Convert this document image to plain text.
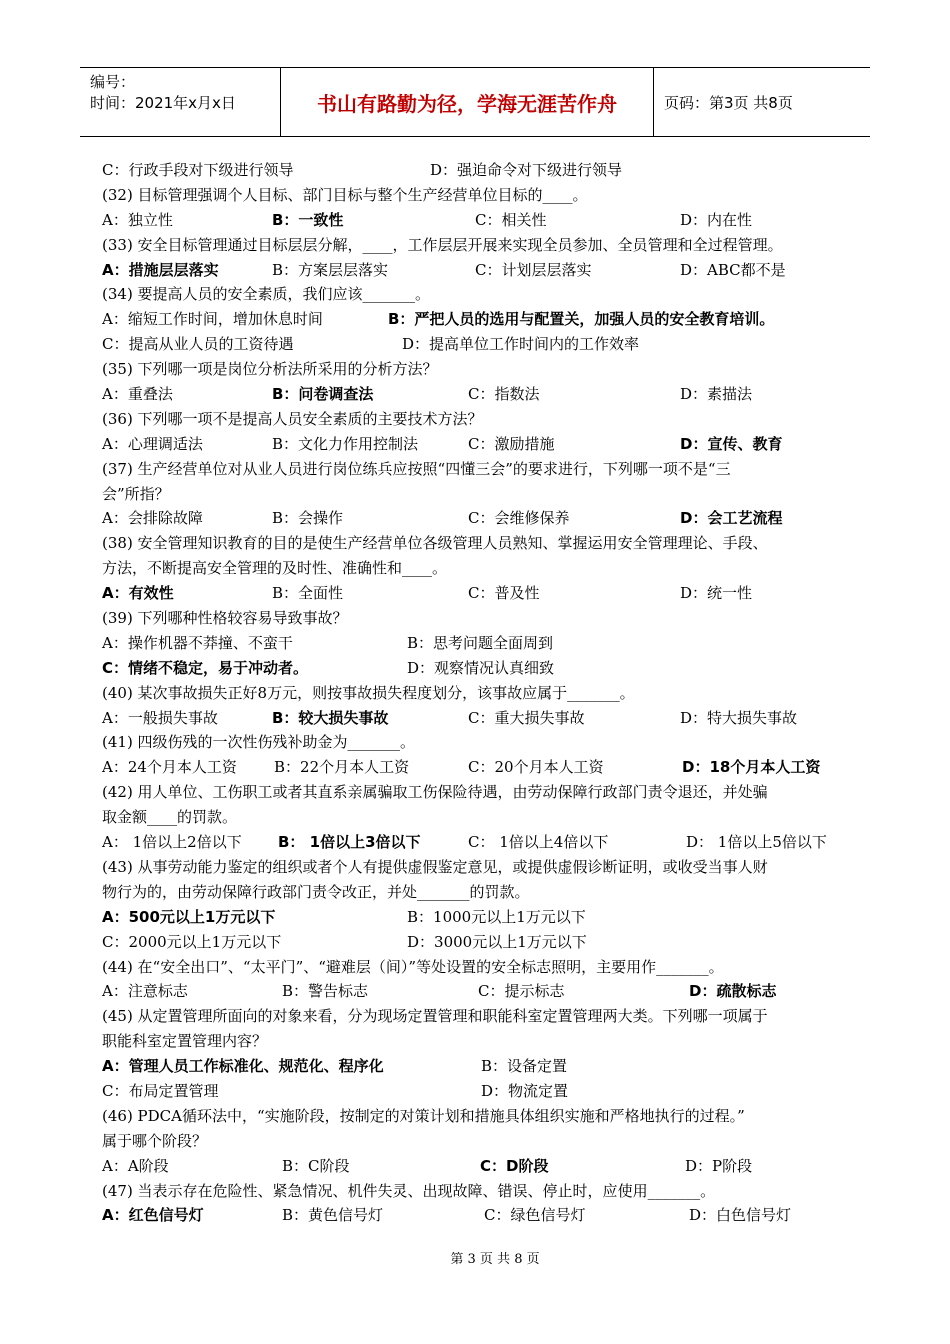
编号：
时间：2021年x月x日	书山有路勤为径，学海无涯苦作舟	页码：第3页 共8页
C：行政手段对下级进行领导	D：强迫命令对下级进行领导
(32) 目标管理强调个人目标、部门目标与整个生产经营单位目标的____。
A：独立性	B：一致性	C：相关性	D：内在性
(33) 安全目标管理通过目标层层分解，____，工作层层开展来实现全员参加、全员管理和全过程管理。
A：措施层层落实	B：方案层层落实	C：计划层层落实	D：ABC都不是
(34) 要提高人员的安全素质，我们应该_______。
A：缩短工作时间，增加休息时间	B：严把人员的选用与配置关，加强人员的安全教育培训。
C：提高从业人员的工资待遇	D：提高单位工作时间内的工作效率
(35) 下列哪一项是岗位分析法所采用的分析方法？
A：重叠法	B：问卷调查法	C：指数法	D：素描法
(36) 下列哪一项不是提高人员安全素质的主要技术方法？
A：心理调适法	B：文化力作用控制法	C：激励措施	D：宣传、教育
(37) 生产经营单位对从业人员进行岗位练兵应按照“四懂三会”的要求进行，下列哪一项不是“三
会”所指？
A：会排除故障	B：会操作	C：会维修保养	D：会工艺流程
(38) 安全管理知识教育的目的是使生产经营单位各级管理人员熟知、掌握运用安全管理理论、手段、
方法，不断提高安全管理的及时性、准确性和____。
A：有效性	B：全面性	C：普及性	D：统一性
(39) 下列哪种性格较容易导致事故？
A：操作机器不莽撞、不蛮干	B：思考问题全面周到
C：情绪不稳定，易于冲动者。	D：观察情况认真细致
(40) 某次事故损失正好8万元，则按事故损失程度划分，该事故应属于_______。
A：一般损失事故	B：较大损失事故	C：重大损失事故	D：特大损失事故
(41) 四级伤残的一次性伤残补助金为_______。
A：24个月本人工资 B：22个月本人工资	C：20个月本人工资	D：18个月本人工资
(42) 用人单位、工伤职工或者其直系亲属骗取工伤保险待遇，由劳动保障行政部门责令退还，并处骗
取金额____的罚款。
A： 1倍以上2倍以下 B： 1倍以上3倍以下	C： 1倍以上4倍以下	D： 1倍以上5倍以下
(43) 从事劳动能力鉴定的组织或者个人有提供虚假鉴定意见，或提供虚假诊断证明，或收受当事人财
物行为的，由劳动保障行政部门责令改正，并处_______的罚款。
A：500元以上1万元以下	B：1000元以上1万元以下
C：2000元以上1万元以下	D：3000元以上1万元以下
(44) 在“安全出口”、“太平门”、“避难层（间）”等处设置的安全标志照明，主要用作_______。
A：注意标志	B：警告标志	C：提示标志	D：疏散标志
(45) 从定置管理所面向的对象来看，分为现场定置管理和职能科室定置管理两大类。下列哪一项属于
职能科室定置管理内容？
A：管理人员工作标准化、规范化、程序化	B：设备定置
C：布局定置管理	D：物流定置
(46) PDCA循环法中，“实施阶段，按制定的对策计划和措施具体组织实施和严格地执行的过程。”
属于哪个阶段？
A：A阶段	B：C阶段	C：D阶段	D：P阶段
(47) 当表示存在危险性、紧急情况、机件失灵、出现故障、错误、停止时，应使用_______。
A：红色信号灯	B：黄色信号灯	C：绿色信号灯	D：白色信号灯
第 3 页 共 8 页
